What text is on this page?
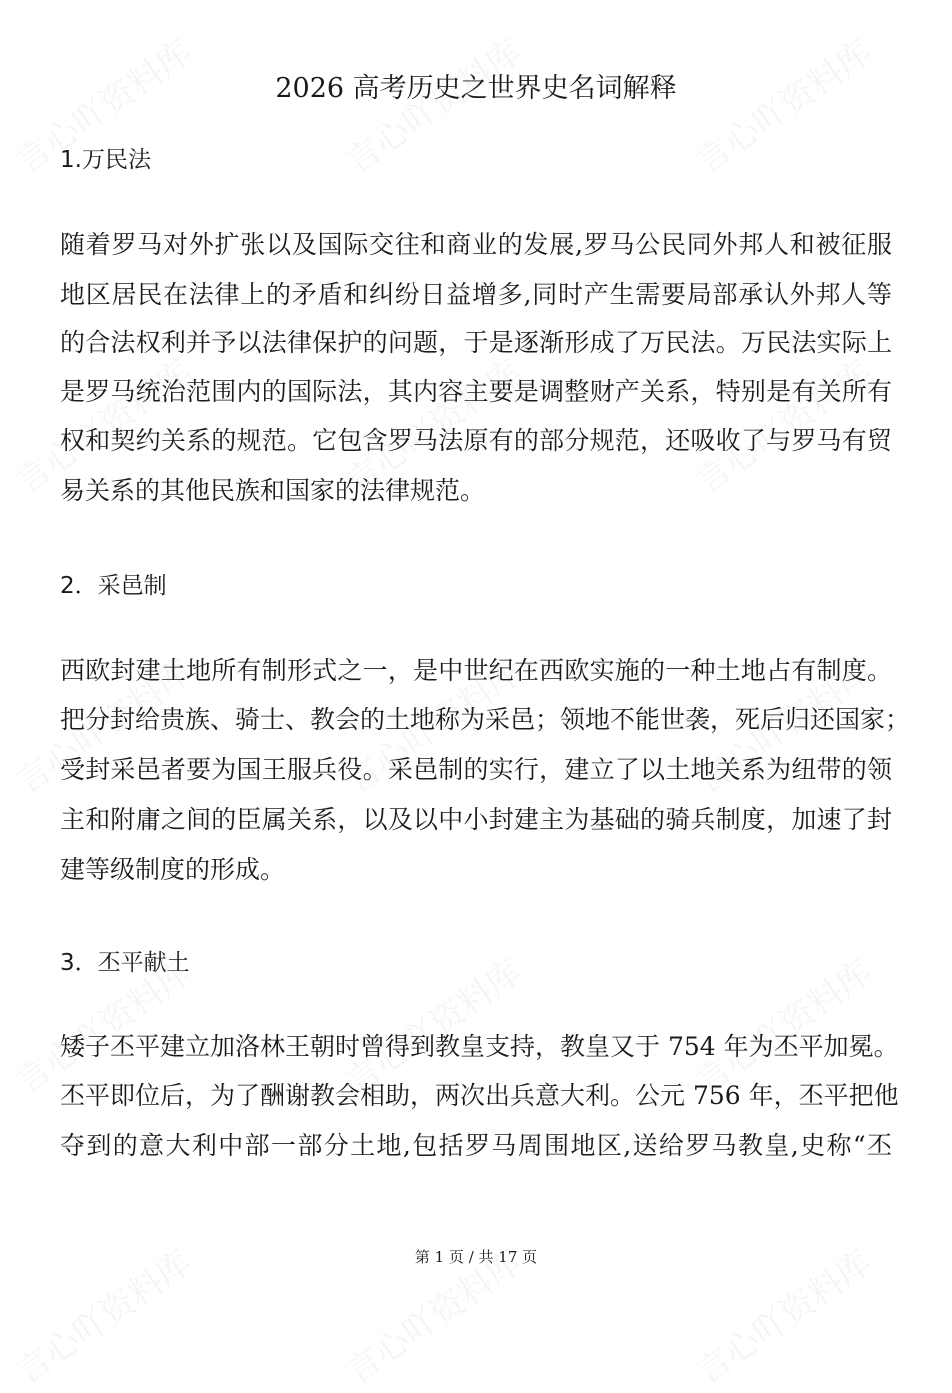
2026 高考历史之世界史名词解释
1.万民法
随着罗马对外扩张以及国际交往和商业的发展,罗马公民同外邦人和被征服
地区居民在法律上的矛盾和纠纷日益增多,同时产生需要局部承认外邦人等
的合法权利并予以法律保护的问题，于是逐渐形成了万民法。万民法实际上
是罗马统治范围内的国际法，其内容主要是调整财产关系，特别是有关所有
权和契约关系的规范。它包含罗马法原有的部分规范，还吸收了与罗马有贸
易关系的其他民族和国家的法律规范。
2．采邑制
西欧封建土地所有制形式之一，是中世纪在西欧实施的一种土地占有制度。
把分封给贵族、骑士、教会的土地称为采邑；领地不能世袭，死后归还国家；
受封采邑者要为国王服兵役。采邑制的实行，建立了以土地关系为纽带的领
主和附庸之间的臣属关系，以及以中小封建主为基础的骑兵制度，加速了封
建等级制度的形成。
3．丕平献土
矮子丕平建立加洛林王朝时曾得到教皇支持，教皇又于 754 年为丕平加冕。
丕平即位后，为了酬谢教会相助，两次出兵意大利。公元 756 年，丕平把他
夺到的意大利中部一部分土地,包括罗马周围地区,送给罗马教皇,史称“丕
第 1 页 / 共 17 页
